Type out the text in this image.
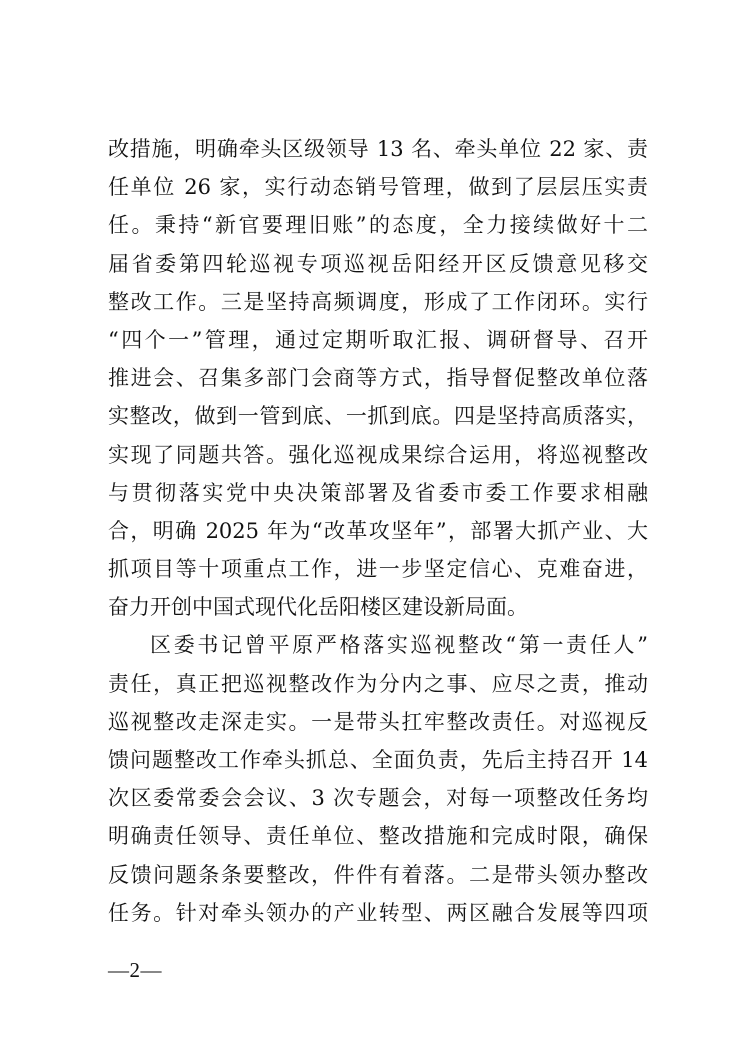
改措施，明确牵头区级领导 13 名、牵头单位 22 家、责
任单位 26 家，实行动态销号管理，做到了层层压实责
任。秉持“新官要理旧账”的态度，全力接续做好十二
届省委第四轮巡视专项巡视岳阳经开区反馈意见移交
整改工作。三是坚持高频调度，形成了工作闭环。实行
“四个一”管理，通过定期听取汇报、调研督导、召开
推进会、召集多部门会商等方式，指导督促整改单位落
实整改，做到一管到底、一抓到底。四是坚持高质落实，
实现了同题共答。强化巡视成果综合运用，将巡视整改
与贯彻落实党中央决策部署及省委市委工作要求相融
合，明确 2025 年为“改革攻坚年”，部署大抓产业、大
抓项目等十项重点工作，进一步坚定信心、克难奋进，
奋力开创中国式现代化岳阳楼区建设新局面。
区委书记曾平原严格落实巡视整改“第一责任人”
责任，真正把巡视整改作为分内之事、应尽之责，推动
巡视整改走深走实。一是带头扛牢整改责任。对巡视反
馈问题整改工作牵头抓总、全面负责，先后主持召开 14
次区委常委会会议、3 次专题会，对每一项整改任务均
明确责任领导、责任单位、整改措施和完成时限，确保
反馈问题条条要整改，件件有着落。二是带头领办整改
任务。针对牵头领办的产业转型、两区融合发展等四项
—2—
